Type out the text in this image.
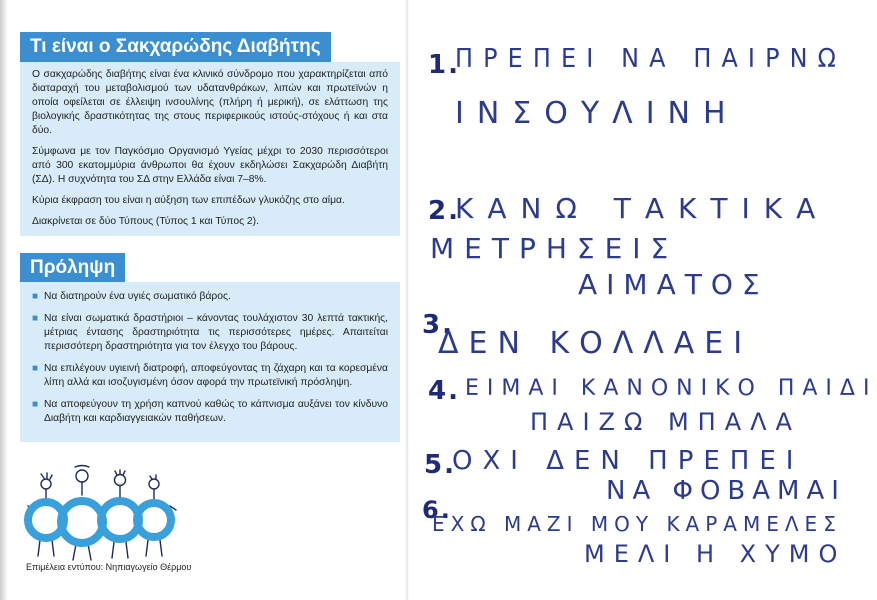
Τι είναι ο Σακχαρώδης Διαβήτης

Ο σακχαρώδης διαβήτης είναι ένα κλινικό σύνδρομο που χαρακτηρίζεται από διαταραχή του μεταβολισμού των υδατανθράκων, λιπών και πρωτεϊνών η οποία οφείλεται σε έλλειψη ινσουλίνης (πλήρη ή μερική), σε ελάττωση της βιολογικής δραστικότητας της στους περιφερικούς ιστούς-στόχους ή και στα δύο.

Σύμφωνα με τον Παγκόσμιο Οργανισμό Υγείας μέχρι το 2030 περισσότεροι από 300 εκατομμύρια άνθρωποι θα έχουν εκδηλώσει Σακχαρώδη Διαβήτη (ΣΔ). Η συχνότητα του ΣΔ στην Ελλάδα είναι 7–8%.

Κύρια έκφραση του είναι η αύξηση των επιπέδων γλυκόζης στο αίμα.

Διακρίνεται σε δύο Τύπους (Τύπος 1 και Τύπος 2).

Πρόληψη
■ Να διατηρούν ένα υγιές σωματικό βάρος.
■ Να είναι σωματικά δραστήριοι – κάνοντας τουλάχιστον 30 λεπτά τακτικής, μέτριας έντασης δραστηριότητα τις περισσότερες ημέρες. Απαιτείται περισσότερη δραστηριότητα για τον έλεγχο του βάρους.
■ Να επιλέγουν υγιεινή διατροφή, αποφεύγοντας τη ζάχαρη και τα κορεσμένα λίπη αλλά και ισοζυγισμένη όσον αφορά την πρωτεϊνική πρόσληψη.
■ Να αποφεύγουν τη χρήση καπνού καθώς το κάπνισμα αυξάνει τον κίνδυνο Διαβήτη και καρδιαγγειακών παθήσεων.
Επιμέλεια εντύπου: Νηπιαγωγείο Θέρμου
1.
ΠΡΕΠΕΙ ΝΑ ΠΑΙΡΝΩ
ΙΝΣΟΥΛΙΝΗ
2.
ΚΑΝΩ ΤΑΚΤΙΚΑ
ΜΕΤΡΗΣΕΙΣ
ΑΙΜΑΤΟΣ
3.
ΔΕΝ ΚΟΛΛΑΕΙ
4. ΕΙΜΑΙ ΚΑΝΟΝΙΚΟ ΠΑΙΔΙ
ΠΑΙΖΩ ΜΠΑΛΑ
5.
ΟΧΙ ΔΕΝ ΠΡΕΠΕΙ
ΝΑ ΦΟΒΑΜΑΙ
6.
ΕΧΩ ΜΑΖΙ ΜΟΥ ΚΑΡΑΜΕΛΕΣ
ΜΕΛΙ Η ΧΥΜΟ
